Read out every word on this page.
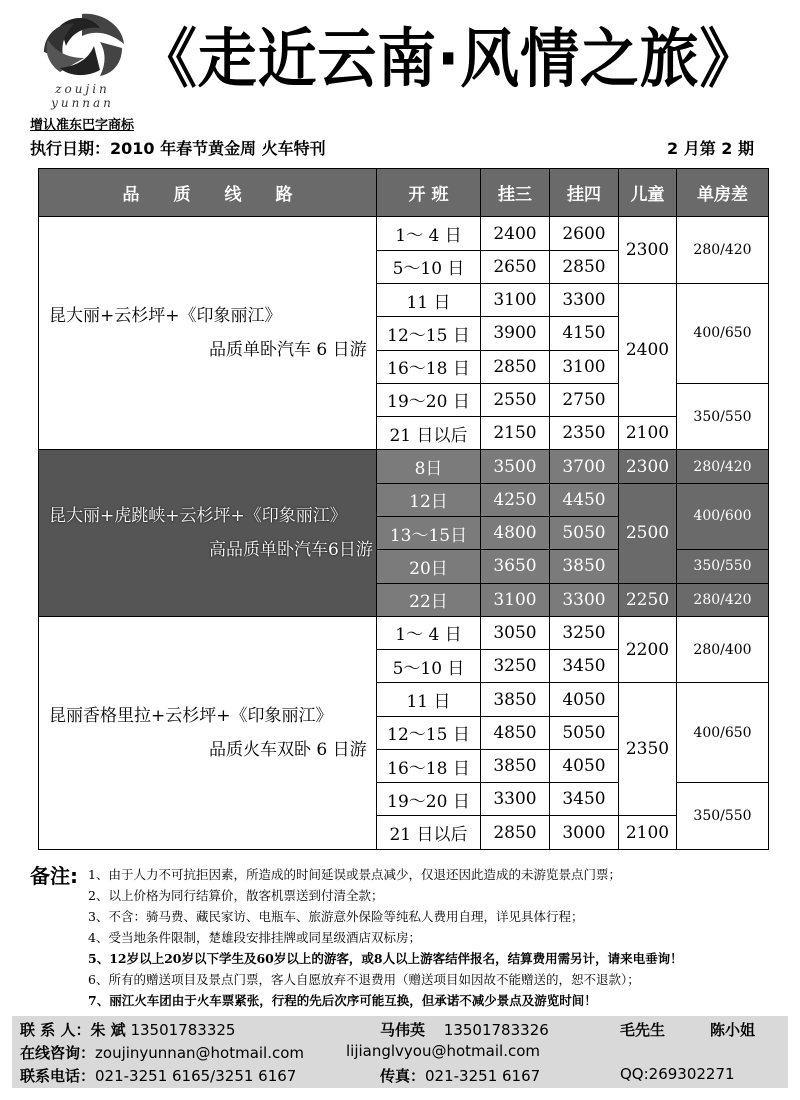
zoujin yunnan
《走近云南·风情之旅》
增认准东巴字商标
执行日期：2010 年春节黄金周 火车特刊	2 月第 2 期
品　　质　　线　　路	开 班	挂三	挂四	儿童	单房差
昆大丽+云杉坪+《印象丽江》
品质单卧汽车 6 日游	1～ 4 日	2400	2600	2300	280/420
	5～10 日	2650	2850		
	11 日	3100	3300	2400	400/650
	12～15 日	3900	4150		
	16～18 日	2850	3100		
	19～20 日	2550	2750		350/550
	21 日以后	2150	2350	2100	
昆大丽+虎跳峡+云杉坪+《印象丽江》
高品质单卧汽车6日游	8日	3500	3700	2300	280/420
	12日	4250	4450	2500	400/600
	13～15日	4800	5050		
	20日	3650	3850		350/550
	22日	3100	3300	2250	280/420
昆丽香格里拉+云杉坪+《印象丽江》
品质火车双卧 6 日游	1～ 4 日	3050	3250	2200	280/400
	5～10 日	3250	3450		
	11 日	3850	4050	2350	400/650
	12～15 日	4850	5050		
	16～18 日	3850	4050		
	19～20 日	3300	3450		350/550
	21 日以后	2850	3000	2100	
备注: 1、由于人力不可抗拒因素，所造成的时间延误或景点减少，仅退还因此造成的未游览景点门票；
2、以上价格为同行结算价，散客机票送到付清全款；
3、不含：骑马费、藏民家访、电瓶车、旅游意外保险等纯私人费用自理，详见具体行程；
4、受当地条件限制，楚雄段安排挂牌或同星级酒店双标房；
5、12岁以上20岁以下学生及60岁以上的游客，或8人以上游客结伴报名，结算费用需另计，请来电垂询！
6、所有的赠送项目及景点门票，客人自愿放弃不退费用（赠送项目如因故不能赠送的，恕不退款）；
7、丽江火车团由于火车票紧张，行程的先后次序可能互换，但承诺不减少景点及游览时间！
联 系 人：朱 斌 13501783325	马伟英 13501783326	毛先生	陈小姐
在线咨询：zoujinyunnan@hotmail.com	lijianglvyou@hotmail.com
联系电话：021-3251 6165/3251 6167	传真：021-3251 6167	QQ:269302271
